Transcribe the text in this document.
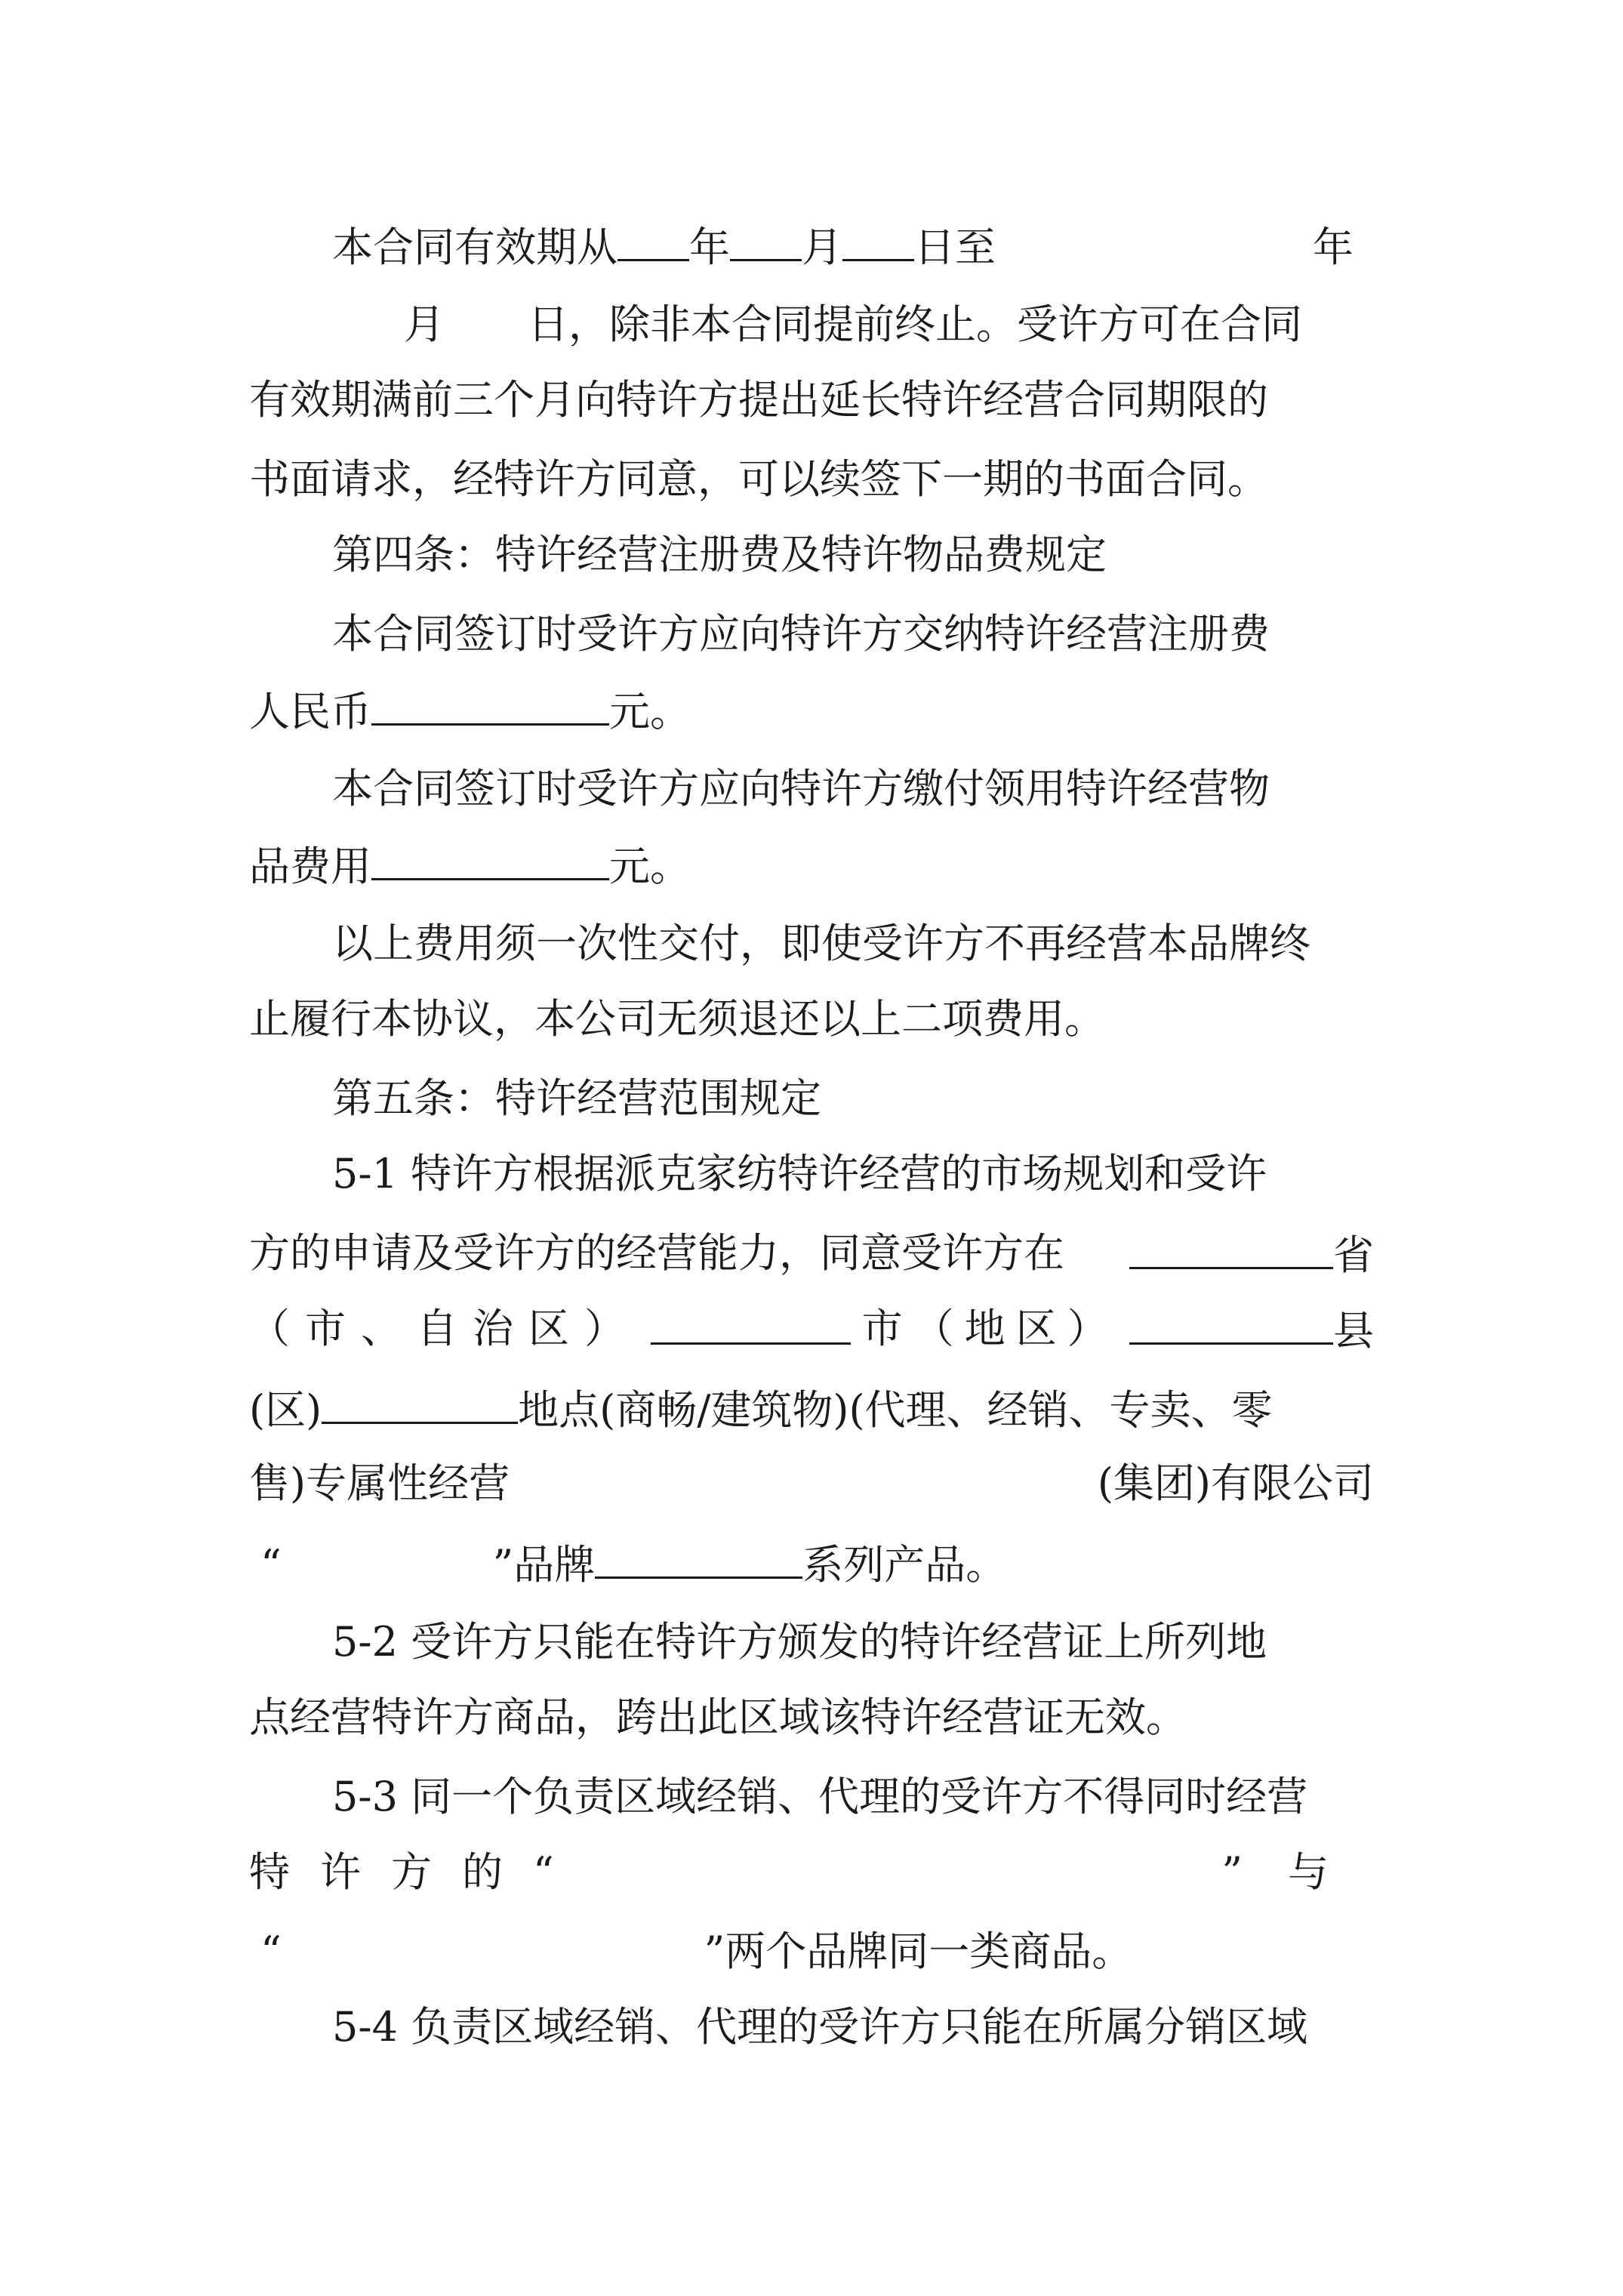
本合同有效期从 年 月 日至	年
月 日，除非本合同提前终止。受许方可在合同
有效期满前三个月向特许方提出延长特许经营合同期限的
书面请求，经特许方同意，可以续签下一期的书面合同。
第四条：特许经营注册费及特许物品费规定
本合同签订时受许方应向特许方交纳特许经营注册费
人民币	元。
本合同签订时受许方应向特许方缴付领用特许经营物
品费用	元。
以上费用须一次性交付，即使受许方不再经营本品牌终
止履行本协议，本公司无须退还以上二项费用。
第五条：特许经营范围规定
5-1 特许方根据派克家纺特许经营的市场规划和受许
方的申请及受许方的经营能力，同意受许方在	省
（市、自治区）	市（地区）	县
(区)	地点(商畅/建筑物)(代理、经销、专卖、零
售)专属性经营	(集团)有限公司
“	”品牌	系列产品。
5-2 受许方只能在特许方颁发的特许经营证上所列地
点经营特许方商品，跨出此区域该特许经营证无效。
5-3 同一个负责区域经销、代理的受许方不得同时经营
特许方的“	”与
“	”两个品牌同一类商品。
5-4 负责区域经销、代理的受许方只能在所属分销区域
